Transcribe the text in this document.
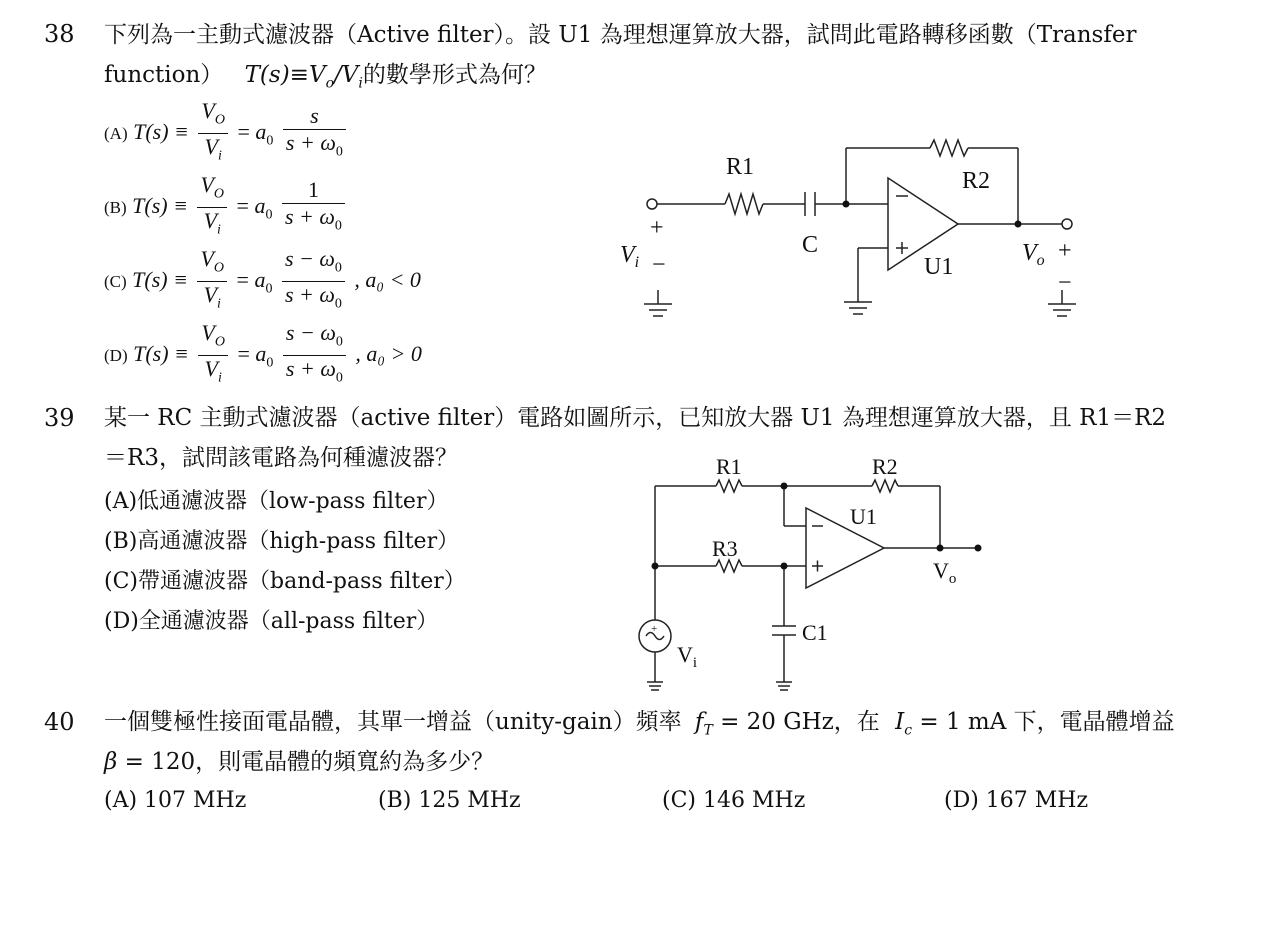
38 下列為一主動式濾波器（Active filter）。設 U1 為理想運算放大器，試問此電路轉移函數（Transfer
function） $T(s)\equiv V_o/V_i$的數學形式為何？
(A) $T(s) \equiv \frac{V_O}{V_i} = a_0 \frac{s}{s + \omega_0}$
(B) $T(s) \equiv \frac{V_O}{V_i} = a_0 \frac{1}{s + \omega_0}$
(C) $T(s) \equiv \frac{V_O}{V_i} = a_0 \frac{s - \omega_0}{s + \omega_0}$ , a₀ < 0
(D) $T(s) \equiv \frac{V_O}{V_i} = a_0 \frac{s - \omega_0}{s + \omega_0}$ , a₀ > 0
R1
R2
C
U1
+
−
$V_i$	$V_o$ +
−
39 某一 RC 主動式濾波器（active filter）電路如圖所示，已知放大器 U1 為理想運算放大器，且 R1＝R2
＝R3，試問該電路為何種濾波器？
(A)低通濾波器（low-pass filter）
(B)高通濾波器（high-pass filter）
(C)帶通濾波器（band-pass filter）
(D)全通濾波器（all-pass filter）	+
R1	R2
R3
U1
C1
$V_o$
$V_i$
40 一個雙極性接面電晶體，其單一增益（unity-gain）頻率 $f_T = 20$ GHz，在 $I_c = 1$ mA 下，電晶體增益
β = 120，則電晶體的頻寬約為多少？
(A) 107 MHz	(B) 125 MHz	(C) 146 MHz	(D) 167 MHz
